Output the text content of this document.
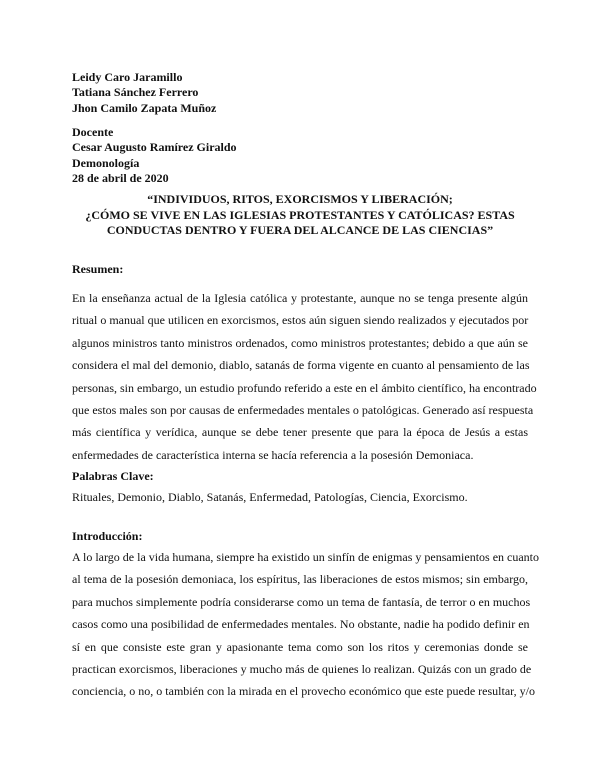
Leidy Caro Jaramillo
Tatiana Sánchez Ferrero
Jhon Camilo Zapata Muñoz
Docente
Cesar Augusto Ramírez Giraldo
Demonología
28 de abril de 2020
“INDIVIDUOS, RITOS, EXORCISMOS Y LIBERACIÓN;
¿CÓMO SE VIVE EN LAS IGLESIAS PROTESTANTES Y CATÓLICAS? ESTAS
CONDUCTAS DENTRO Y FUERA DEL ALCANCE DE LAS CIENCIAS”
Resumen:
En la enseñanza actual de la Iglesia católica y protestante, aunque no se tenga presente algún
ritual o manual que utilicen en exorcismos, estos aún siguen siendo realizados y ejecutados por
algunos ministros tanto ministros ordenados, como ministros protestantes; debido a que aún se
considera el mal del demonio, diablo, satanás de forma vigente en cuanto al pensamiento de las
personas, sin embargo, un estudio profundo referido a este en el ámbito científico, ha encontrado
que estos males son por causas de enfermedades mentales o patológicas. Generado así respuesta
más científica y verídica, aunque se debe tener presente que para la época de Jesús a estas
enfermedades de característica interna se hacía referencia a la posesión Demoniaca.
Palabras Clave:
Rituales, Demonio, Diablo, Satanás, Enfermedad, Patologías, Ciencia, Exorcismo.
Introducción:
A lo largo de la vida humana, siempre ha existido un sinfín de enigmas y pensamientos en cuanto
al tema de la posesión demoniaca, los espíritus, las liberaciones de estos mismos; sin embargo,
para muchos simplemente podría considerarse como un tema de fantasía, de terror o en muchos
casos como una posibilidad de enfermedades mentales. No obstante, nadie ha podido definir en
sí en que consiste este gran y apasionante tema como son los ritos y ceremonias donde se
practican exorcismos, liberaciones y mucho más de quienes lo realizan. Quizás con un grado de
conciencia, o no, o también con la mirada en el provecho económico que este puede resultar, y/o
